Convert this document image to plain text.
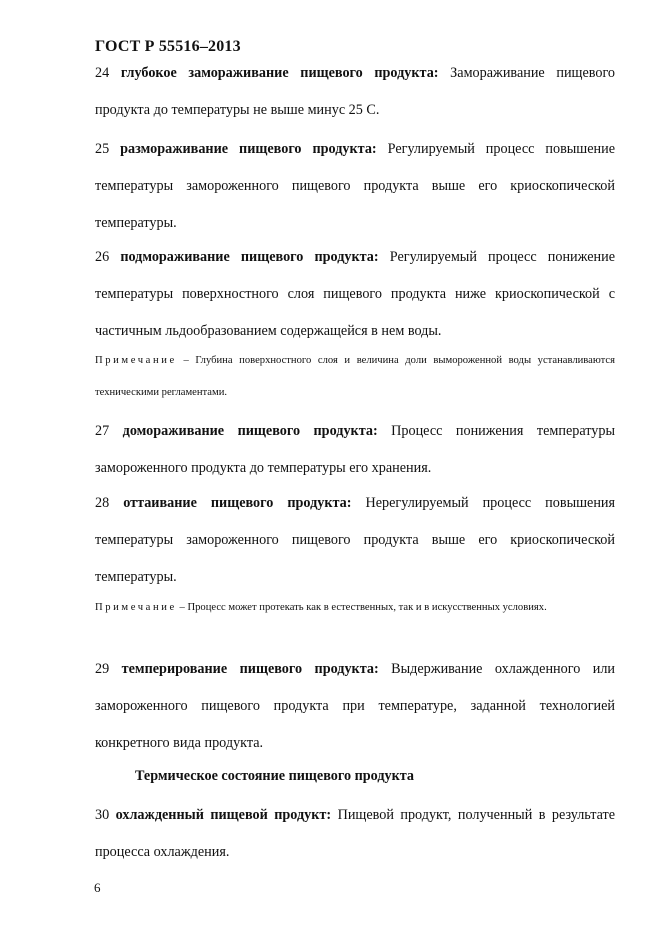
ГОСТ Р 55516–2013
24 глубокое замораживание пищевого продукта: Замораживание пищевого продукта до температуры не выше минус 25 С.
25 размораживание пищевого продукта: Регулируемый процесс повышение температуры замороженного пищевого продукта выше его криоскопической температуры.
26 подмораживание пищевого продукта: Регулируемый процесс понижение температуры поверхностного слоя пищевого продукта ниже криоскопической с частичным льдообразованием содержащейся в нем воды.
Примечание – Глубина поверхностного слоя и величина доли вымороженной воды устанавливаются техническими регламентами.
27 домораживание пищевого продукта: Процесс понижения температуры замороженного продукта до температуры его хранения.
28 оттаивание пищевого продукта: Нерегулируемый процесс повышения температуры замороженного пищевого продукта выше его криоскопической температуры.
Примечание – Процесс может протекать как в естественных, так и в искусственных условиях.
29 темперирование пищевого продукта: Выдерживание охлажденного или замороженного пищевого продукта при температуре, заданной технологией конкретного вида продукта.
Термическое состояние пищевого продукта
30 охлажденный пищевой продукт: Пищевой продукт, полученный в результате процесса охлаждения.
6
